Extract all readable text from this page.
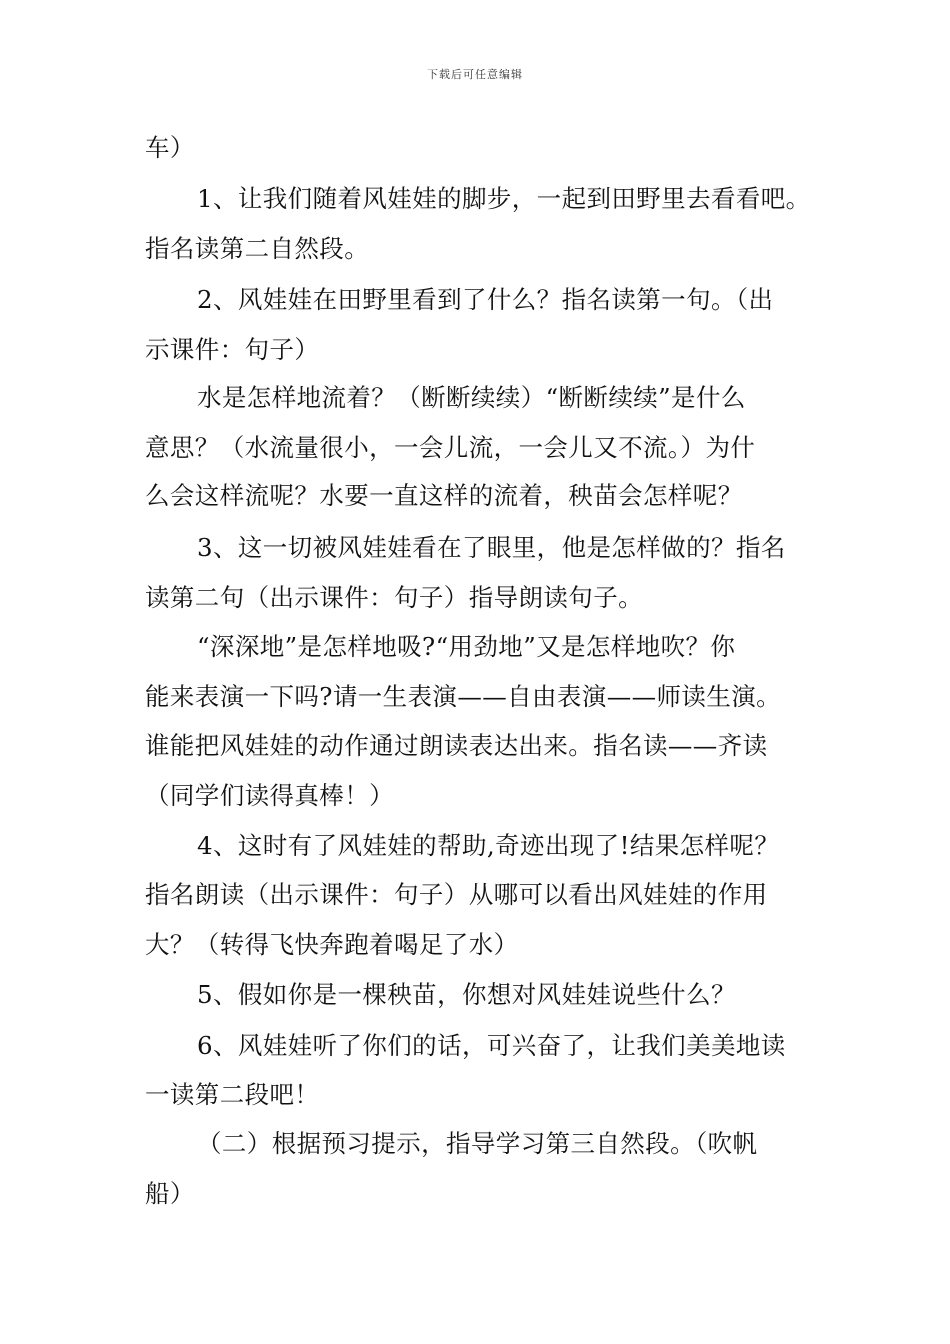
下载后可任意编辑
车）
1、让我们随着风娃娃的脚步，一起到田野里去看看吧。
指名读第二自然段。
2、风娃娃在田野里看到了什么？指名读第一句。（出
示课件：句子）
水是怎样地流着？（断断续续）“断断续续”是什么
意思？（水流量很小，一会儿流，一会儿又不流。）为什
么会这样流呢？水要一直这样的流着，秧苗会怎样呢？
3、这一切被风娃娃看在了眼里，他是怎样做的？指名
读第二句（出示课件：句子）指导朗读句子。
“深深地”是怎样地吸?“用劲地”又是怎样地吹？你
能来表演一下吗?请一生表演——自由表演——师读生演。
谁能把风娃娃的动作通过朗读表达出来。指名读——齐读
（同学们读得真棒！）
4、这时有了风娃娃的帮助,奇迹出现了!结果怎样呢？
指名朗读（出示课件：句子）从哪可以看出风娃娃的作用
大？（转得飞快奔跑着喝足了水）
5、假如你是一棵秧苗，你想对风娃娃说些什么？
6、风娃娃听了你们的话，可兴奋了，让我们美美地读
一读第二段吧！
（二）根据预习提示，指导学习第三自然段。（吹帆
船）
